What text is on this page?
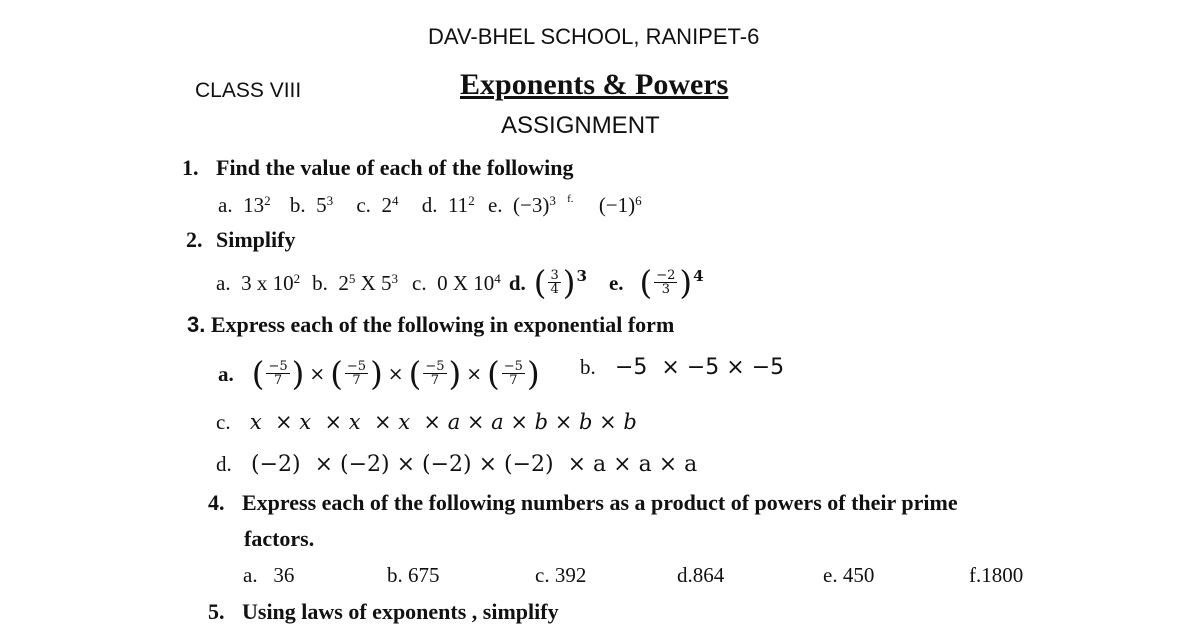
DAV-BHEL SCHOOL, RANIPET-6
CLASS VIII	Exponents & Powers
ASSIGNMENT
1. Find the value of each of the following
a. $13^2$ b. $5^3$ c. $2^4$ d. $11^2$ e. $(-3)^3$ $^{f.}$ $(-1)^6$
2. Simplify
a. 3 x $10^2$ b. $2^5$ X $5^3$ c. 0 X $10^4$ d. ( $\frac{3}{4}$ ) 3 e. ( $\frac{-2}{3}$ ) 4
3. Express each of the following in exponential form
a. ( $\frac{-5}{7}$ ) × ( $\frac{-5}{7}$ ) × ( $\frac{-5}{7}$ ) × ( $\frac{-5}{7}$ ) b. −5  × −5 × −5
c. x  × x  × x  × x  × a × a × b × b × b
d. (−2)  × (−2) × (−2) × (−2)  × a × a × a
4. Express each of the following numbers as a product of powers of their prime
factors.
a. 36	b. 675	c. 392	d.864	e. 450	f.1800
5. Using laws of exponents , simplify
